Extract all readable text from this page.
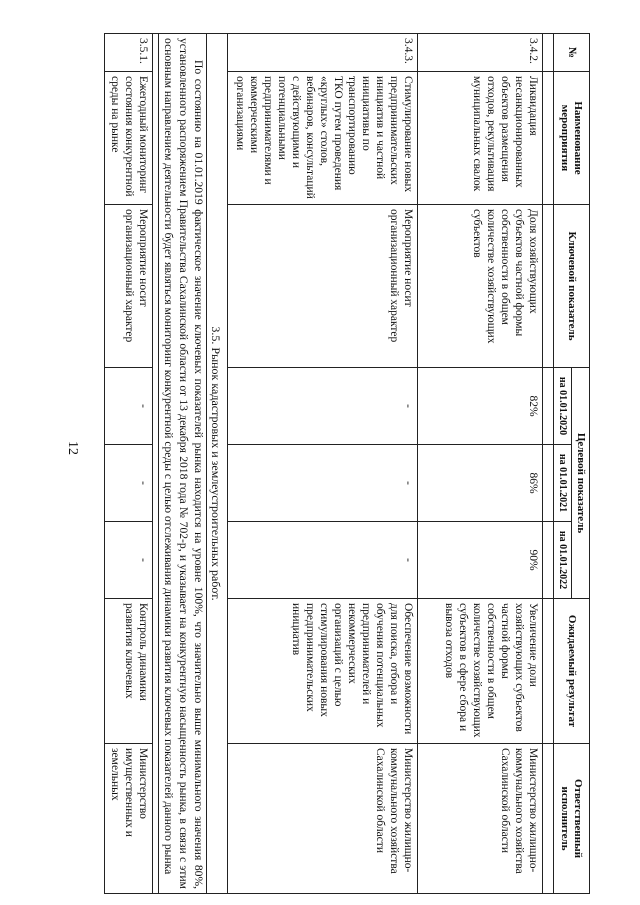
12
№	Наименование мероприятия	Ключевой показатель	Целевой показатель			Ожидаемый результат	Ответственный исполнитель
			на 01.01.2020	на 01.01.2021	на 01.01.2022		

3.4.2.	Ликвидация несанкционированных объектов размещения отходов, рекультивация муниципальных свалок	Доля хозяйствующих субъектов частной формы собственности в общем количестве хозяйствующих субъектов	82%	86%	90%	Увеличение доли хозяйствующих субъектов частной формы собственности в общем количестве хозяйствующих субъектов в сфере сбора и вывоза отходов	Министерство жилищно-коммунального хозяйства Сахалинской области
3.4.3.	Стимулирование новых предпринимательских инициатив и частной инициативы по транспортированию ТКО путем проведения «круглых» столов, вебинаров, консультаций с действующими и потенциальными предпринимателями и коммерческими организациями	Мероприятие носит организационный характер	-	-	-	Обеспечение возможности для поиска, отбора и обучения потенциальных предпринимателей и некоммерческих организаций с целью стимулирования новых предпринимательских инициатив	Министерство жилищно-коммунального хозяйства Сахалинской области
3.5. Рынок кадастровых и землеустроительных работ.							
По состоянию на 01.01.2019 фактическое значение ключевых показателей рынка находится на уровне 100%, что значительно выше минимального значения 80%, установленного распоряжением Правительства Сахалинской области от 13 декабря 2018 года № 702-р, и указывает на конкурентную насыщенность рынка, в связи с этим основным направлением деятельности будет являться мониторинг конкурентной среды с целью отслеживания динамики развития ключевых показателей данного рынка							

3.5.1.	Ежегодный мониторинг состояния конкурентной среды на рынке	Мероприятие носит организационный характер	-	-	-	Контроль динамики развития ключевых	Министерство имущественных и земельных
